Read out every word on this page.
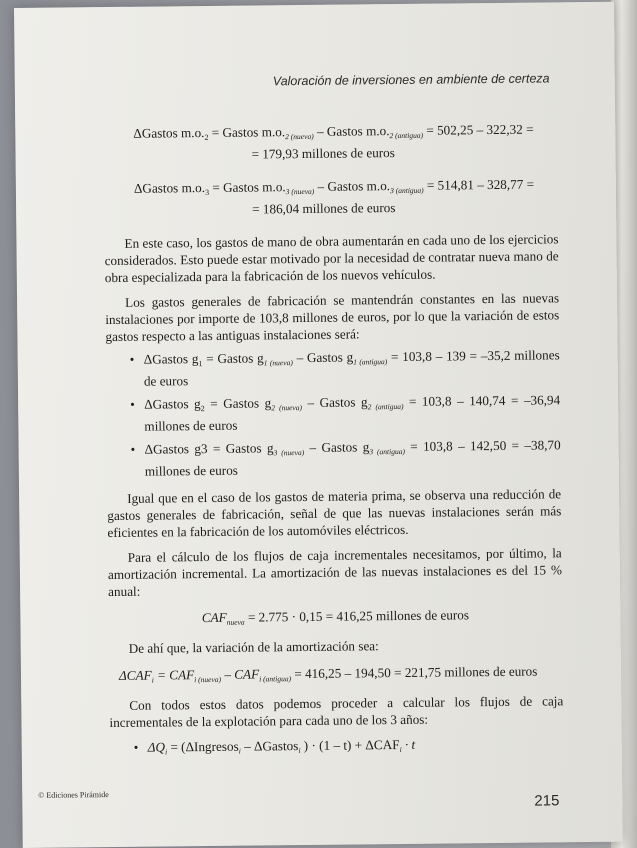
Valoración de inversiones en ambiente de certeza
ΔGastos $m.o._2$ = Gastos $m.o._{2 (nueva)}$ – Gastos $m.o._{2 (antigua)} = 502,25 - 322,32$ =
= 179,93 millones de euros
ΔGastos $m.o._3$ = Gastos $m.o._{3 (nueva)}$ – Gastos $m.o._{3 (antigua)} = 514,81 - 328,77$ =
= 186,04 millones de euros

En este caso, los gastos de mano de obra aumentarán en cada uno de los ejercicios considerados. Esto puede estar motivado por la necesidad de contratar nueva mano de obra especializada para la fabricación de los nuevos vehículos.

Los gastos generales de fabricación se mantendrán constantes en las nuevas instalaciones por importe de 103,8 millones de euros, por lo que la variación de estos gastos respecto a las antiguas instalaciones será:

• ΔGastos $g_1$ = Gastos $g_{1 (nueva)}$ – Gastos $g_{1 (antigua)} = 103,8 - 139 = -35,2$ millones de euros
• ΔGastos $g_2$ = Gastos $g_{2 (nueva)}$ – Gastos $g_{2 (antigua)} = 103,8 - 140,74 = -36,94$ millones de euros
• ΔGastos g3 = Gastos $g_{3 (nueva)}$ – Gastos $g_{3 (antigua)} = 103,8 - 142,50 = -38,70$ millones de euros

Igual que en el caso de los gastos de materia prima, se observa una reducción de gastos generales de fabricación, señal de que las nuevas instalaciones serán más eficientes en la fabricación de los automóviles eléctricos.

Para el cálculo de los flujos de caja incrementales necesitamos, por último, la amortización incremental. La amortización de las nuevas instalaciones es del 15 % anual:

$CAF_{nueva} = 2.775 \cdot 0,15 = 416,25$ millones de euros

De ahí que, la variación de la amortización sea:

$\Delta CAF_i = CAF_{i (nueva)} - CAF_{i (antigua)} = 416,25 - 194,50 = 221,75$ millones de euros

Con todos estos datos podemos proceder a calcular los flujos de caja incrementales de la explotación para cada uno de los 3 años:

• $\Delta Q_i$ = (ΔIngresos$_i$ – ΔGastos$_i$ ) · $(1 - t) + \Delta CAF_i \cdot t$
© Ediciones Pirámide	215
